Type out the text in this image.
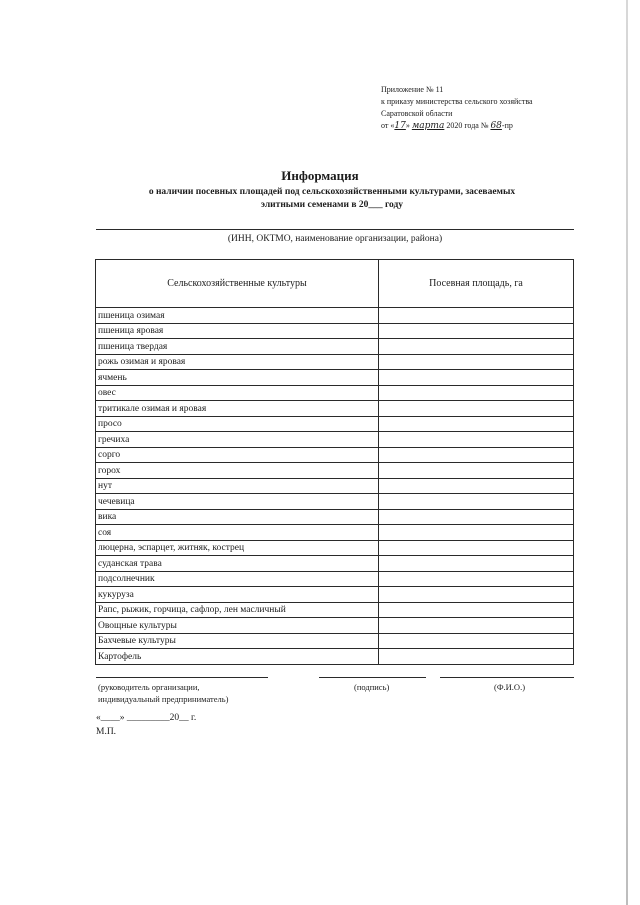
Приложение № 11
к приказу министерства сельского хозяйства
Саратовской области
от «17» марта 2020 года № 68-пр
Информация
о наличии посевных площадей под сельскохозяйственными культурами, засеваемых
элитными семенами в 20___ году
(ИНН, ОКТМО, наименование организации, района)
Сельскохозяйственные культуры	Посевная площадь, га
пшеница озимая	
пшеница яровая	
пшеница твердая	
рожь озимая и яровая	
ячмень	
овес	
тритикале озимая и яровая	
просо	
гречиха	
сорго	
горох	
нут	
чечевица	
вика	
соя	
люцерна, эспарцет, житняк, кострец	
суданская трава	
подсолнечник	
кукуруза	
Рапс, рыжик, горчица, сафлор, лен масличный	
Овощные культуры	
Бахчевые культуры	
Картофель	
(руководитель организации,
индивидуальный предприниматель)
(подпись)	(Ф.И.О.)
«____» _________20__ г.
М.П.
